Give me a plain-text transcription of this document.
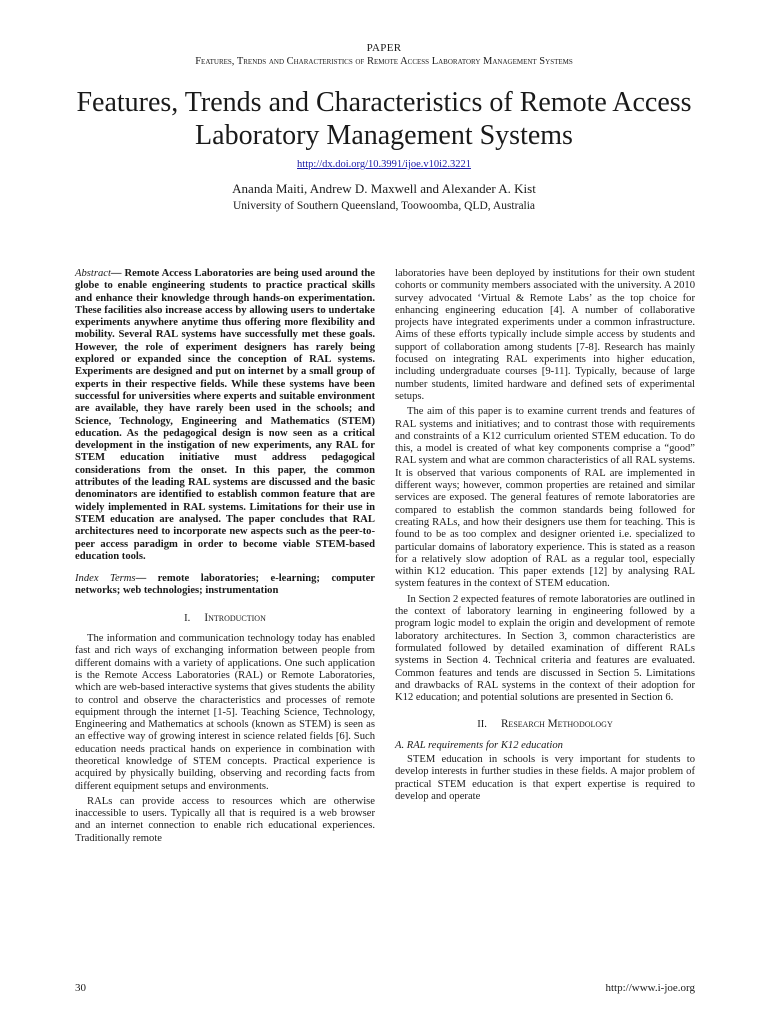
PAPER
Features, Trends and Characteristics of Remote Access Laboratory Management Systems
Features, Trends and Characteristics of Remote Access Laboratory Management Systems
http://dx.doi.org/10.3991/ijoe.v10i2.3221
Ananda Maiti, Andrew D. Maxwell and Alexander A. Kist
University of Southern Queensland, Toowoomba, QLD, Australia

Abstract— Remote Access Laboratories are being used around the globe to enable engineering students to practice practical skills and enhance their knowledge through hands-on experimentation. These facilities also increase access by allowing users to undertake experiments anywhere anytime thus offering more flexibility and mobility. Several RAL systems have successfully met these goals. However, the role of experiment designers has rarely being explored or expanded since the conception of RAL systems. Experiments are designed and put on internet by a small group of experts in their respective fields. While these systems have been successful for universities where experts and suitable environment are available, they have rarely been used in the schools; and Science, Technology, Engineering and Mathematics (STEM) education. As the pedagogical design is now seen as a critical development in the instigation of new experiments, any RAL for STEM education initiative must address pedagogical considerations from the onset. In this paper, the common attributes of the leading RAL systems are discussed and the basic denominators are identified to establish common feature that are widely implemented in RAL systems. Limitations for their use in STEM education are analysed. The paper concludes that RAL architectures need to incorporate new aspects such as the peer-to-peer access paradigm in order to become viable STEM-based education tools.

Index Terms— remote laboratories; e-learning; computer networks; web technologies; instrumentation

I. Introduction

The information and communication technology today has enabled fast and rich ways of exchanging information between people from different domains with a variety of applications. One such application is the Remote Access Laboratories (RAL) or Remote Laboratories, which are web-based interactive systems that gives students the ability to control and observe the characteristics and processes of remote equipment through the internet [1-5]. Teaching Science, Technology, Engineering and Mathematics at schools (known as STEM) is seen as an effective way of growing interest in science related fields [6]. Such education needs practical hands on experience in combination with theoretical knowledge of STEM concepts. Practical experience is acquired by physically building, observing and recording facts from different equipment setups and environments.

RALs can provide access to resources which are otherwise inaccessible to users. Typically all that is required is a web browser and an internet connection to enable rich educational experiences. Traditionally remote

laboratories have been deployed by institutions for their own student cohorts or community members associated with the university. A 2010 survey advocated ‘Virtual & Remote Labs’ as the top choice for enhancing engineering education [4]. A number of collaborative projects have integrated experiments under a common infrastructure. Aims of these efforts typically include simple access by students and support of collaboration among students [7-8]. Research has mainly focused on integrating RAL experiments into higher education, including undergraduate courses [9-11]. Typically, because of large number students, limited hardware and defined sets of experimental setups.

The aim of this paper is to examine current trends and features of RAL systems and initiatives; and to contrast those with requirements and constraints of a K12 curriculum oriented STEM education. To do this, a model is created of what key components comprise a “good” RAL system and what are common characteristics of all RAL systems. It is observed that various components of RAL are implemented in different ways; however, common properties are retained and similar services are exposed. The general features of remote laboratories are compared to establish the common standards being followed for creating RALs, and how their designers use them for teaching. This is found to be as too complex and designer oriented i.e. specialized to particular domains of laboratory experience. This is stated as a reason for a relatively slow adoption of RAL as a regular tool, especially within K12 education. This paper extends [12] by analysing RAL system features in the context of STEM education.

In Section 2 expected features of remote laboratories are outlined in the context of laboratory learning in engineering followed by a program logic model to explain the origin and development of remote laboratory architectures. In Section 3, common characteristics are formulated followed by detailed examination of different RALs systems in Section 4. Technical criteria and features are evaluated. Common features and tends are discussed in Section 5. Limitations and drawbacks of RAL systems in the context of their adoption for K12 education; and potential solutions are presented in Section 6.

II. Research Methodology
A. RAL requirements for K12 education

STEM education in schools is very important for students to develop interests in further studies in these fields. A major problem of practical STEM education is that expert expertise is required to develop and operate

30	http://www.i-joe.org
